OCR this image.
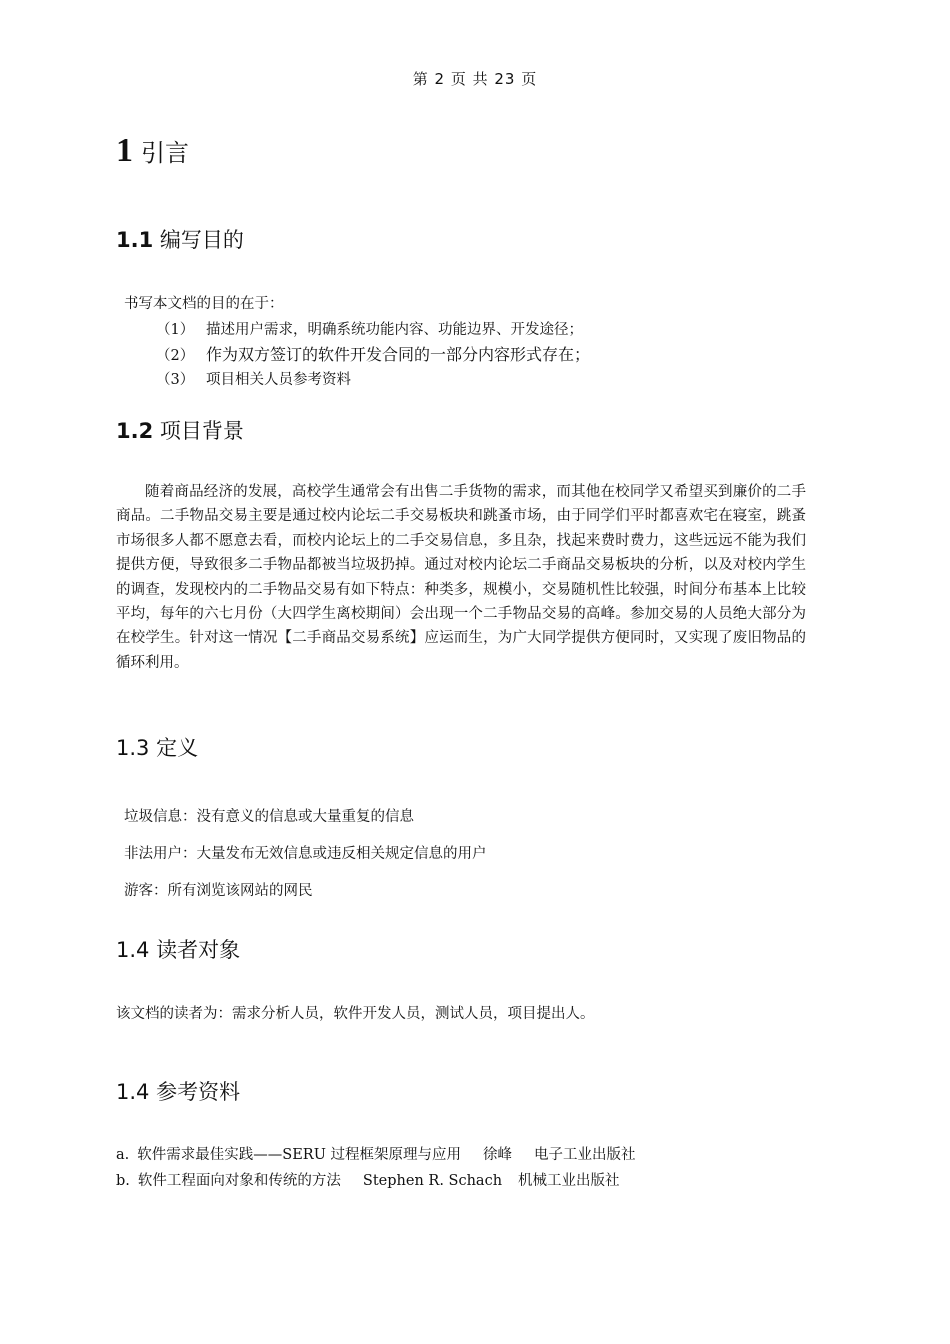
第 2 页 共 23 页
1 引言
1.1 编写目的
书写本文档的目的在于：
（1） 描述用户需求，明确系统功能内容、功能边界、开发途径；
（2） 作为双方签订的软件开发合同的一部分内容形式存在；
（3） 项目相关人员参考资料
1.2 项目背景
随着商品经济的发展，高校学生通常会有出售二手货物的需求，而其他在校同学又希望买到廉价的二手商品。二手物品交易主要是通过校内论坛二手交易板块和跳蚤市场，由于同学们平时都喜欢宅在寝室，跳蚤市场很多人都不愿意去看，而校内论坛上的二手交易信息，多且杂，找起来费时费力，这些远远不能为我们提供方便，导致很多二手物品都被当垃圾扔掉。通过对校内论坛二手商品交易板块的分析，以及对校内学生的调查，发现校内的二手物品交易有如下特点：种类多，规模小，交易随机性比较强，时间分布基本上比较平均，每年的六七月份（大四学生离校期间）会出现一个二手物品交易的高峰。参加交易的人员绝大部分为在校学生。针对这一情况【二手商品交易系统】应运而生，为广大同学提供方便同时，又实现了废旧物品的循环利用。
1.3 定义
垃圾信息：没有意义的信息或大量重复的信息
非法用户：大量发布无效信息或违反相关规定信息的用户
游客：所有浏览该网站的网民
1.4 读者对象
该文档的读者为：需求分析人员，软件开发人员，测试人员，项目提出人。
1.4 参考资料
a. 软件需求最佳实践——SERU 过程框架原理与应用 徐峰 电子工业出版社
b. 软件工程面向对象和传统的方法 Stephen R. Schach 机械工业出版社
